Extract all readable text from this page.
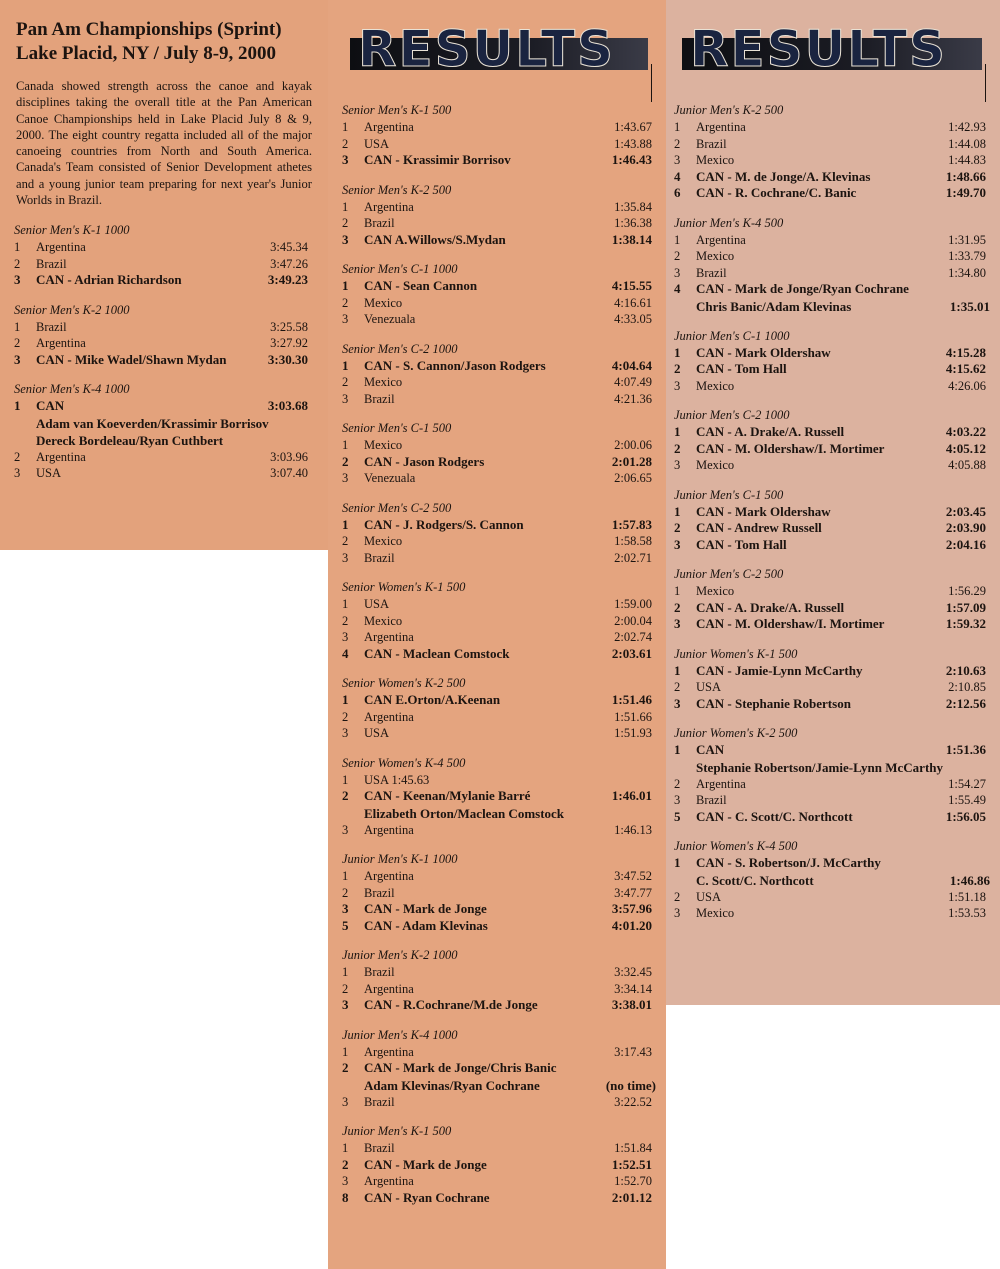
Pan Am Championships (Sprint)
Lake Placid, NY / July 8-9, 2000
Canada showed strength across the canoe and kayak disciplines taking the overall title at the Pan American Canoe Championships held in Lake Placid July 8 & 9, 2000. The eight country regatta included all of the major canoeing countries from North and South America. Canada's Team consisted of Senior Development athetes and a young junior team preparing for next year's Junior Worlds in Brazil.
Senior Men's K-1 1000
1	Argentina	3:45.34
2	Brazil	3:47.26
3	CAN - Adrian Richardson	3:49.23
Senior Men's K-2 1000
1	Brazil	3:25.58
2	Argentina	3:27.92
3	CAN - Mike Wadel/Shawn Mydan	3:30.30
Senior Men's K-4 1000
1	CAN	3:03.68
Adam van Koeverden/Krassimir Borrisov
Dereck Bordeleau/Ryan Cuthbert
2	Argentina	3:03.96
3	USA	3:07.40
RESULTS
Senior Men's K-1 500
1	Argentina	1:43.67
2	USA	1:43.88
3	CAN - Krassimir Borrisov	1:46.43
Senior Men's K-2 500
1	Argentina	1:35.84
2	Brazil	1:36.38
3	CAN A.Willows/S.Mydan	1:38.14
Senior Men's C-1 1000
1	CAN - Sean Cannon	4:15.55
2	Mexico	4:16.61
3	Venezuala	4:33.05
Senior Men's C-2 1000
1	CAN - S. Cannon/Jason Rodgers	4:04.64
2	Mexico	4:07.49
3	Brazil	4:21.36
Senior Men's C-1 500
1	Mexico	2:00.06
2	CAN - Jason Rodgers	2:01.28
3	Venezuala	2:06.65
Senior Men's C-2 500
1	CAN - J. Rodgers/S. Cannon	1:57.83
2	Mexico	1:58.58
3	Brazil	2:02.71
Senior Women's K-1 500
1	USA	1:59.00
2	Mexico	2:00.04
3	Argentina	2:02.74
4	CAN - Maclean Comstock	2:03.61
Senior Women's K-2 500
1	CAN E.Orton/A.Keenan	1:51.46
2	Argentina	1:51.66
3	USA	1:51.93
Senior Women's K-4 500
1	USA 1:45.63
2	CAN - Keenan/Mylanie Barré	1:46.01
Elizabeth Orton/Maclean Comstock
3	Argentina	1:46.13
Junior Men's K-1 1000
1	Argentina	3:47.52
2	Brazil	3:47.77
3	CAN - Mark de Jonge	3:57.96
5	CAN - Adam Klevinas	4:01.20
Junior Men's K-2 1000
1	Brazil	3:32.45
2	Argentina	3:34.14
3	CAN - R.Cochrane/M.de Jonge	3:38.01
Junior Men's K-4 1000
1	Argentina	3:17.43
2	CAN - Mark de Jonge/Chris Banic
Adam Klevinas/Ryan Cochrane	(no time)
3	Brazil	3:22.52
Junior Men's K-1 500
1	Brazil	1:51.84
2	CAN - Mark de Jonge	1:52.51
3	Argentina	1:52.70
8	CAN - Ryan Cochrane	2:01.12
RESULTS
Junior Men's K-2 500
1	Argentina	1:42.93
2	Brazil	1:44.08
3	Mexico	1:44.83
4	CAN - M. de Jonge/A. Klevinas	1:48.66
6	CAN - R. Cochrane/C. Banic	1:49.70
Junior Men's K-4 500
1	Argentina	1:31.95
2	Mexico	1:33.79
3	Brazil	1:34.80
4	CAN - Mark de Jonge/Ryan Cochrane
Chris Banic/Adam Klevinas	1:35.01
Junior Men's C-1 1000
1	CAN - Mark Oldershaw	4:15.28
2	CAN - Tom Hall	4:15.62
3	Mexico	4:26.06
Junior Men's C-2 1000
1	CAN - A. Drake/A. Russell	4:03.22
2	CAN - M. Oldershaw/I. Mortimer	4:05.12
3	Mexico	4:05.88
Junior Men's C-1 500
1	CAN - Mark Oldershaw	2:03.45
2	CAN - Andrew Russell	2:03.90
3	CAN - Tom Hall	2:04.16
Junior Men's C-2 500
1	Mexico	1:56.29
2	CAN - A. Drake/A. Russell	1:57.09
3	CAN - M. Oldershaw/I. Mortimer	1:59.32
Junior Women's K-1 500
1	CAN - Jamie-Lynn McCarthy	2:10.63
2	USA	2:10.85
3	CAN - Stephanie Robertson	2:12.56
Junior Women's K-2 500
1	CAN	1:51.36
Stephanie Robertson/Jamie-Lynn McCarthy
2	Argentina	1:54.27
3	Brazil	1:55.49
5	CAN - C. Scott/C. Northcott	1:56.05
Junior Women's K-4 500
1	CAN - S. Robertson/J. McCarthy
C. Scott/C. Northcott	1:46.86
2	USA	1:51.18
3	Mexico	1:53.53
